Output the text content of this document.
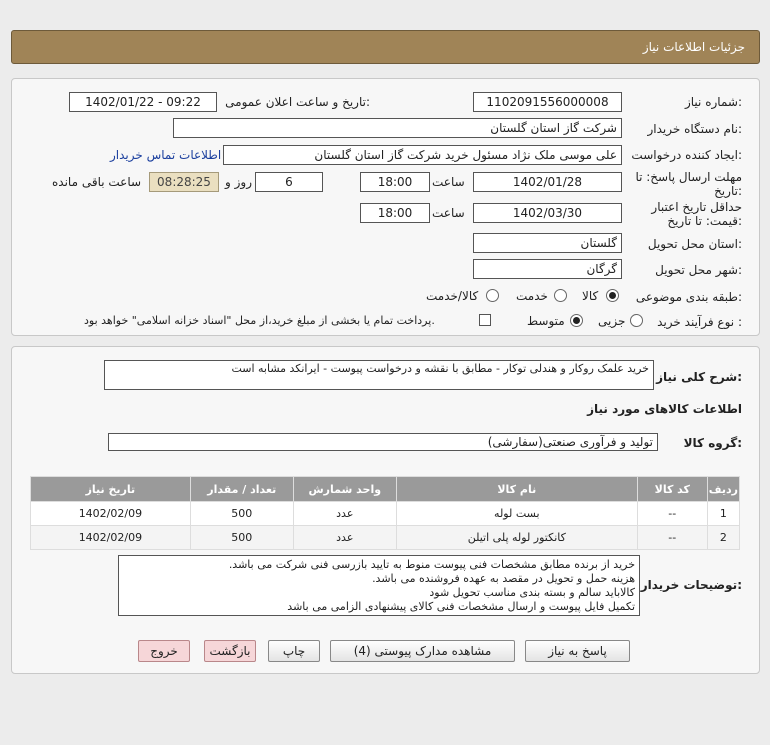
جزئیات اطلاعات نیاز
شماره نیاز:
1102091556000008
تاریخ و ساعت اعلان عمومی:
1402/01/22 - 09:22
نام دستگاه خریدار:
شرکت گاز استان گلستان
ایجاد کننده درخواست:
علی موسی ملک نژاد مسئول خرید شرکت گاز استان گلستان
اطلاعات تماس خریدار
مهلت ارسال پاسخ: تا
تاریخ:
1402/01/28
ساعت
18:00
6
روز و
08:28:25
ساعت باقی مانده
حداقل تاریخ اعتبار
قیمت: تا تاریخ:
1402/03/30
ساعت
18:00
استان محل تحویل:
گلستان
شهر محل تحویل:
گرگان
طبقه بندی موضوعی:
کالا
خدمت
کالا/خدمت
نوع فرآیند خرید :
جزیی
متوسط
پرداخت تمام یا بخشی از مبلغ خرید،از محل "اسناد خزانه اسلامی" خواهد بود.
شرح کلی نیاز:
خرید علمک روکار و هندلی توکار - مطابق با نقشه و درخواست پیوست - ایرانکد مشابه است
اطلاعات کالاهای مورد نیاز
گروه کالا:
تولید و فرآوری صنعتی(سفارشی)
ردیف	کد کالا	نام کالا	واحد شمارش	تعداد / مقدار	تاریخ نیاز
1	--	بست لوله	عدد	500	1402/02/09
2	--	کانکتور لوله پلی اتیلن	عدد	500	1402/02/09
توضیحات خریدار:
خرید از برنده مطابق مشخصات فنی پیوست منوط به تایید بازرسی فنی شرکت می باشد.
هزینه حمل و تحویل در مقصد به عهده فروشنده می باشد.
کالاباید سالم و بسته بندی مناسب تحویل شود
تکمیل فایل پیوست و ارسال مشخصات فنی کالای پیشنهادی الزامی می باشد
پاسخ به نیاز
مشاهده مدارک پیوستی (4)
چاپ
بازگشت
خروج
